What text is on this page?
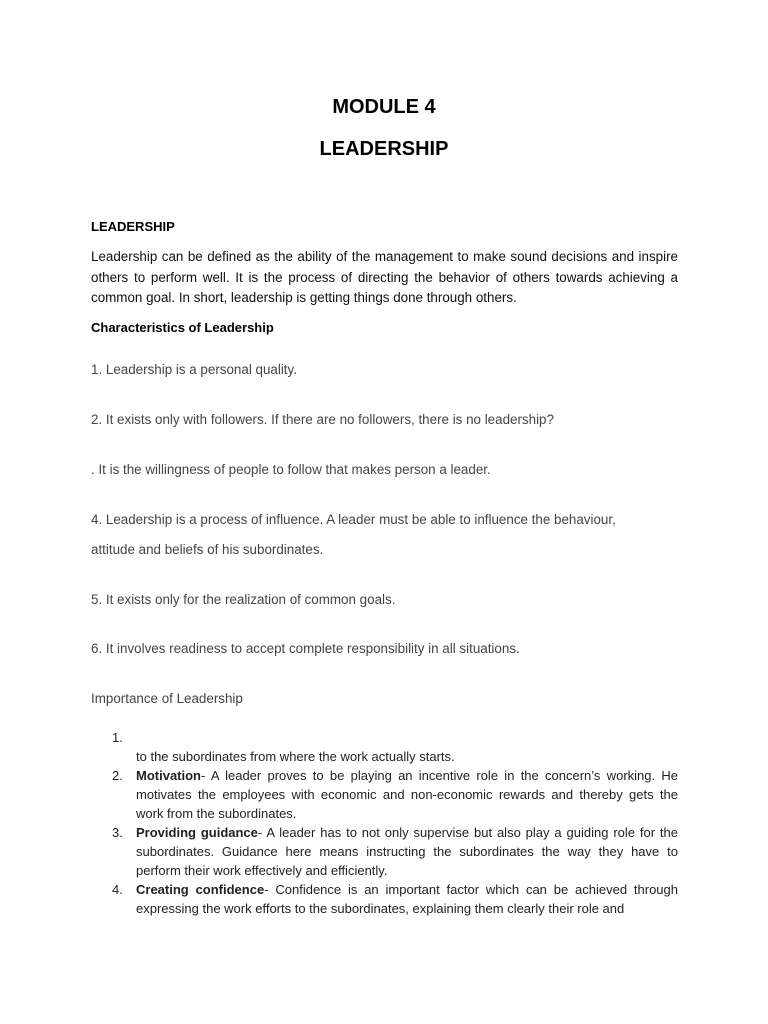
MODULE 4
LEADERSHIP
LEADERSHIP
Leadership can be defined as the ability of the management to make sound decisions and inspire others to perform well. It is the process of directing the behavior of others towards achieving a common goal. In short, leadership is getting things done through others.
Characteristics of Leadership
1. Leadership is a personal quality.
2. It exists only with followers. If there are no followers, there is no leadership?
. It is the willingness of people to follow that makes person a leader.
4. Leadership is a process of influence. A leader must be able to influence the behaviour,
attitude and beliefs of his subordinates.
5. It exists only for the realization of common goals.
6. It involves readiness to accept complete responsibility in all situations.
Importance of Leadership
1.
to the subordinates from where the work actually starts.
2. Motivation- A leader proves to be playing an incentive role in the concern’s working. He motivates the employees with economic and non-economic rewards and thereby gets the work from the subordinates.
3. Providing guidance- A leader has to not only supervise but also play a guiding role for the subordinates. Guidance here means instructing the subordinates the way they have to perform their work effectively and efficiently.
4. Creating confidence- Confidence is an important factor which can be achieved through expressing the work efforts to the subordinates, explaining them clearly their role and
